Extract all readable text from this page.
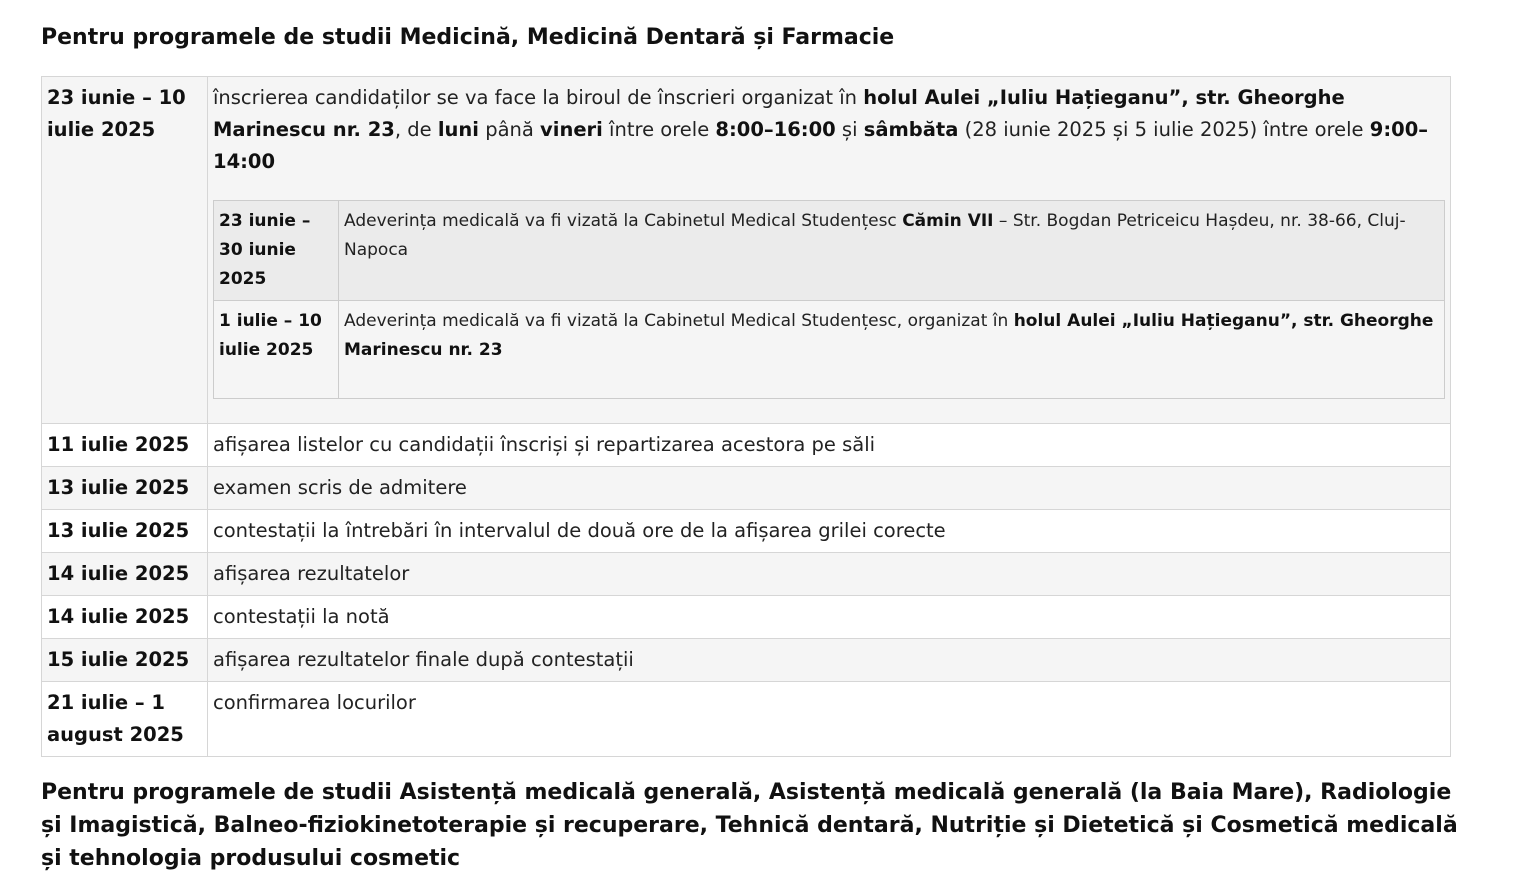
Pentru programele de studii Medicină, Medicină Dentară și Farmacie
23 iunie – 10 iulie 2025	înscrierea candidaților se va face la biroul de înscrieri organizat în holul Aulei „Iuliu Hațieganu”, str. Gheorghe Marinescu nr. 23, de luni până vineri între orele 8:00–16:00 și sâmbăta (28 iunie 2025 și 5 iulie 2025) între orele 9:00–14:00
23 iunie – 30 iunie 2025	Adeverința medicală va fi vizată la Cabinetul Medical Studențesc Cămin VII – Str. Bogdan Petriceicu Hașdeu, nr. 38-66, Cluj-Napoca
1 iulie – 10 iulie 2025	Adeverința medicală va fi vizată la Cabinetul Medical Studențesc, organizat în holul Aulei „Iuliu Hațieganu”, str. Gheorghe Marinescu nr. 23

11 iulie 2025	afișarea listelor cu candidații înscriși și repartizarea acestora pe săli
13 iulie 2025	examen scris de admitere
13 iulie 2025	contestații la întrebări în intervalul de două ore de la afișarea grilei corecte
14 iulie 2025	afișarea rezultatelor
14 iulie 2025	contestații la notă
15 iulie 2025	afișarea rezultatelor finale după contestații
21 iulie – 1 august 2025	confirmarea locurilor
Pentru programele de studii Asistență medicală generală, Asistență medicală generală (la Baia Mare), Radiologie și Imagistică, Balneo-fiziokinetoterapie și recuperare, Tehnică dentară, Nutriție și Dietetică și Cosmetică medicală și tehnologia produsului cosmetic
